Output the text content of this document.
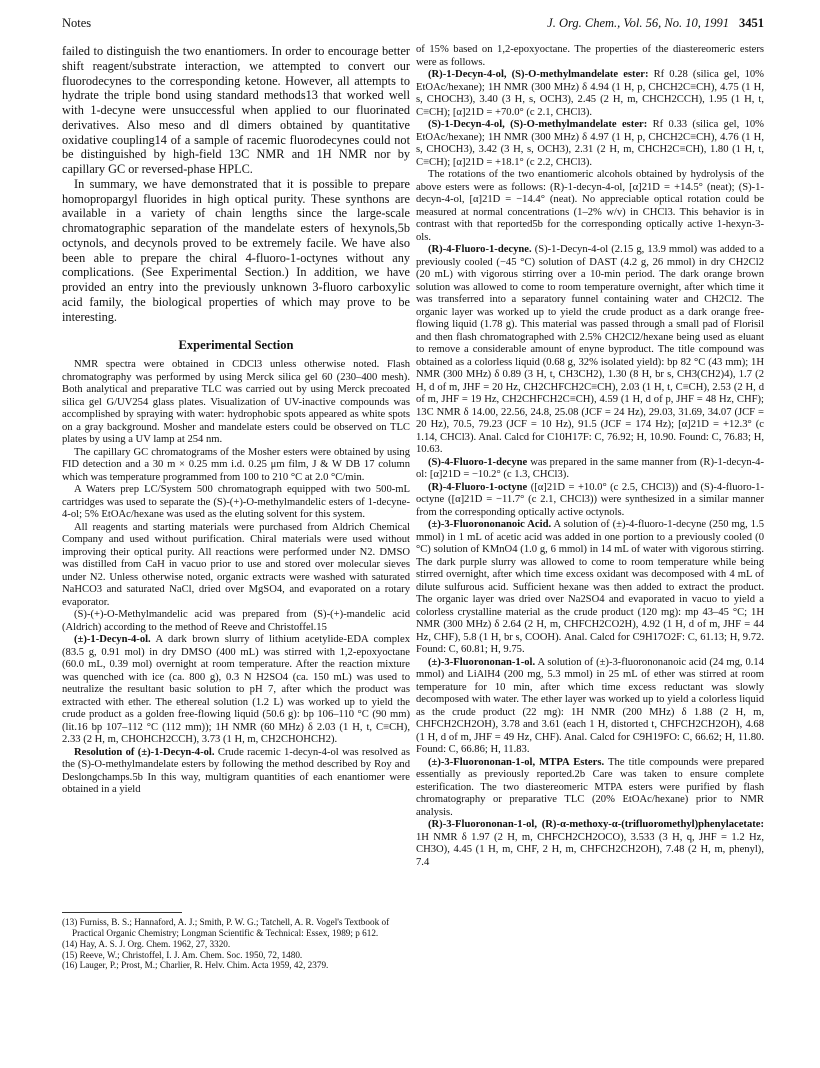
Notes	J. Org. Chem., Vol. 56, No. 10, 1991 3451

failed to distinguish the two enantiomers. In order to encourage better shift reagent/substrate interaction, we attempted to convert our fluorodecynes to the corresponding ketone. However, all attempts to hydrate the triple bond using standard methods13 that worked well with 1-decyne were unsuccessful when applied to our fluorinated derivatives. Also meso and dl dimers obtained by quantitative oxidative coupling14 of a sample of racemic fluorodecynes could not be distinguished by high-field 13C NMR and 1H NMR nor by capillary GC or reversed-phase HPLC.

In summary, we have demonstrated that it is possible to prepare homopropargyl fluorides in high optical purity. These synthons are available in a variety of chain lengths since the large-scale chromatographic separation of the mandelate esters of hexynols,5b octynols, and decynols proved to be extremely facile. We have also been able to prepare the chiral 4-fluoro-1-octynes without any complications. (See Experimental Section.) In addition, we have provided an entry into the previously unknown 3-fluoro carboxylic acid family, the biological properties of which may prove to be interesting.

Experimental Section

NMR spectra were obtained in CDCl3 unless otherwise noted. Flash chromatography was performed by using Merck silica gel 60 (230–400 mesh). Both analytical and preparative TLC was carried out by using Merck precoated silica gel G/UV254 glass plates. Visualization of UV-inactive compounds was accomplished by spraying with water: hydrophobic spots appeared as white spots on a gray background. Mosher and mandelate esters could be observed on TLC plates by using a UV lamp at 254 nm.

The capillary GC chromatograms of the Mosher esters were obtained by using FID detection and a 30 m × 0.25 mm i.d. 0.25 μm film, J & W DB 17 column which was temperature programmed from 100 to 210 °C at 2.0 °C/min.

A Waters prep LC/System 500 chromatograph equipped with two 500-mL cartridges was used to separate the (S)-(+)-O-methylmandelic esters of 1-decyne-4-ol; 5% EtOAc/hexane was used as the eluting solvent for this system.

All reagents and starting materials were purchased from Aldrich Chemical Company and used without purification. Chiral materials were used without improving their optical purity. All reactions were performed under N2. DMSO was distilled from CaH in vacuo prior to use and stored over molecular sieves under N2. Unless otherwise noted, organic extracts were washed with saturated NaHCO3 and saturated NaCl, dried over MgSO4, and evaporated on a rotary evaporator.

(S)-(+)-O-Methylmandelic acid was prepared from (S)-(+)-mandelic acid (Aldrich) according to the method of Reeve and Christoffel.15

(±)-1-Decyn-4-ol. A dark brown slurry of lithium acetylide-EDA complex (83.5 g, 0.91 mol) in dry DMSO (400 mL) was stirred with 1,2-epoxyoctane (60.0 mL, 0.39 mol) overnight at room temperature. After the reaction mixture was quenched with ice (ca. 800 g), 0.3 N H2SO4 (ca. 150 mL) was used to neutralize the resultant basic solution to pH 7, after which the product was extracted with ether. The ethereal solution (1.2 L) was worked up to yield the crude product as a golden free-flowing liquid (50.6 g): bp 106–110 °C (90 mm) (lit.16 bp 107–112 °C (112 mm)); 1H NMR (60 MHz) δ 2.03 (1 H, t, C≡CH), 2.33 (2 H, m, CHOHCH2CCH), 3.73 (1 H, m, CH2CHOHCH2).

Resolution of (±)-1-Decyn-4-ol. Crude racemic 1-decyn-4-ol was resolved as the (S)-O-methylmandelate esters by following the method described by Roy and Deslongchamps.5b In this way, multigram quantities of each enantiomer were obtained in a yield

(13) Furniss, B. S.; Hannaford, A. J.; Smith, P. W. G.; Tatchell, A. R. Vogel's Textbook of Practical Organic Chemistry; Longman Scientific & Technical: Essex, 1989; p 612.
(14) Hay, A. S. J. Org. Chem. 1962, 27, 3320.
(15) Reeve, W.; Christoffel, I. J. Am. Chem. Soc. 1950, 72, 1480.
(16) Lauger, P.; Prost, M.; Charlier, R. Helv. Chim. Acta 1959, 42, 2379.

of 15% based on 1,2-epoxyoctane. The properties of the diastereomeric esters were as follows.

(R)-1-Decyn-4-ol, (S)-O-methylmandelate ester: Rf 0.28 (silica gel, 10% EtOAc/hexane); 1H NMR (300 MHz) δ 4.94 (1 H, p, CHCH2C≡CH), 4.75 (1 H, s, CHOCH3), 3.40 (3 H, s, OCH3), 2.45 (2 H, m, CHCH2CCH), 1.95 (1 H, t, C≡CH); [α]21D = +70.0° (c 2.1, CHCl3).

(S)-1-Decyn-4-ol, (S)-O-methylmandelate ester: Rf 0.33 (silica gel, 10% EtOAc/hexane); 1H NMR (300 MHz) δ 4.97 (1 H, p, CHCH2C≡CH), 4.76 (1 H, s, CHOCH3), 3.42 (3 H, s, OCH3), 2.31 (2 H, m, CHCH2C≡CH), 1.80 (1 H, t, C≡CH); [α]21D = +18.1° (c 2.2, CHCl3).

The rotations of the two enantiomeric alcohols obtained by hydrolysis of the above esters were as follows: (R)-1-decyn-4-ol, [α]21D = +14.5° (neat); (S)-1-decyn-4-ol, [α]21D = −14.4° (neat). No appreciable optical rotation could be measured at normal concentrations (1–2% w/v) in CHCl3. This behavior is in contrast with that reported5b for the corresponding optically active 1-hexyn-3-ols.

(R)-4-Fluoro-1-decyne. (S)-1-Decyn-4-ol (2.15 g, 13.9 mmol) was added to a previously cooled (−45 °C) solution of DAST (4.2 g, 26 mmol) in dry CH2Cl2 (20 mL) with vigorous stirring over a 10-min period. The dark orange brown solution was allowed to come to room temperature overnight, after which time it was transferred into a separatory funnel containing water and CH2Cl2. The organic layer was worked up to yield the crude product as a dark orange free-flowing liquid (1.78 g). This material was passed through a small pad of Florisil and then flash chromatographed with 2.5% CH2Cl2/hexane being used as eluant to remove a considerable amount of enyne byproduct. The title compound was obtained as a colorless liquid (0.68 g, 32% isolated yield): bp 82 °C (43 mm); 1H NMR (300 MHz) δ 0.89 (3 H, t, CH3CH2), 1.30 (8 H, br s, CH3(CH2)4), 1.7 (2 H, d of m, JHF = 20 Hz, CH2CHFCH2C≡CH), 2.03 (1 H, t, C≡CH), 2.53 (2 H, d of m, JHF = 19 Hz, CH2CHFCH2C≡CH), 4.59 (1 H, d of p, JHF = 48 Hz, CHF); 13C NMR δ 14.00, 22.56, 24.8, 25.08 (JCF = 24 Hz), 29.03, 31.69, 34.07 (JCF = 20 Hz), 70.5, 79.23 (JCF = 10 Hz), 91.5 (JCF = 174 Hz); [α]21D = +12.3° (c 1.14, CHCl3). Anal. Calcd for C10H17F: C, 76.92; H, 10.90. Found: C, 76.83; H, 10.63.

(S)-4-Fluoro-1-decyne was prepared in the same manner from (R)-1-decyn-4-ol: [α]21D = −10.2° (c 1.3, CHCl3).

(R)-4-Fluoro-1-octyne ([α]21D = +10.0° (c 2.5, CHCl3)) and (S)-4-fluoro-1-octyne ([α]21D = −11.7° (c 2.1, CHCl3)) were synthesized in a similar manner from the corresponding optically active octynols.

(±)-3-Fluorononanoic Acid. A solution of (±)-4-fluoro-1-decyne (250 mg, 1.5 mmol) in 1 mL of acetic acid was added in one portion to a previously cooled (0 °C) solution of KMnO4 (1.0 g, 6 mmol) in 14 mL of water with vigorous stirring. The dark purple slurry was allowed to come to room temperature while being stirred overnight, after which time excess oxidant was decomposed with 4 mL of dilute sulfurous acid. Sufficient hexane was then added to extract the product. The organic layer was dried over Na2SO4 and evaporated in vacuo to yield a colorless crystalline material as the crude product (120 mg): mp 43–45 °C; 1H NMR (300 MHz) δ 2.64 (2 H, m, CHFCH2CO2H), 4.92 (1 H, d of m, JHF = 44 Hz, CHF), 5.8 (1 H, br s, COOH). Anal. Calcd for C9H17O2F: C, 61.13; H, 9.72. Found: C, 60.81; H, 9.75.

(±)-3-Fluorononan-1-ol. A solution of (±)-3-fluorononanoic acid (24 mg, 0.14 mmol) and LiAlH4 (200 mg, 5.3 mmol) in 25 mL of ether was stirred at room temperature for 10 min, after which time excess reductant was slowly decomposed with water. The ether layer was worked up to yield a colorless liquid as the crude product (22 mg): 1H NMR (200 MHz) δ 1.88 (2 H, m, CHFCH2CH2OH), 3.78 and 3.61 (each 1 H, distorted t, CHFCH2CH2OH), 4.68 (1 H, d of m, JHF = 49 Hz, CHF). Anal. Calcd for C9H19FO: C, 66.62; H, 11.80. Found: C, 66.86; H, 11.83.

(±)-3-Fluorononan-1-ol, MTPA Esters. The title compounds were prepared essentially as previously reported.2b Care was taken to ensure complete esterification. The two diastereomeric MTPA esters were purified by flash chromatography or preparative TLC (20% EtOAc/hexane) prior to NMR analysis.

(R)-3-Fluorononan-1-ol, (R)-α-methoxy-α-(trifluoromethyl)phenylacetate: 1H NMR δ 1.97 (2 H, m, CHFCH2CH2OCO), 3.533 (3 H, q, JHF = 1.2 Hz, CH3O), 4.45 (1 H, m, CHF, 2 H, m, CHFCH2CH2OH), 7.48 (2 H, m, phenyl), 7.4
